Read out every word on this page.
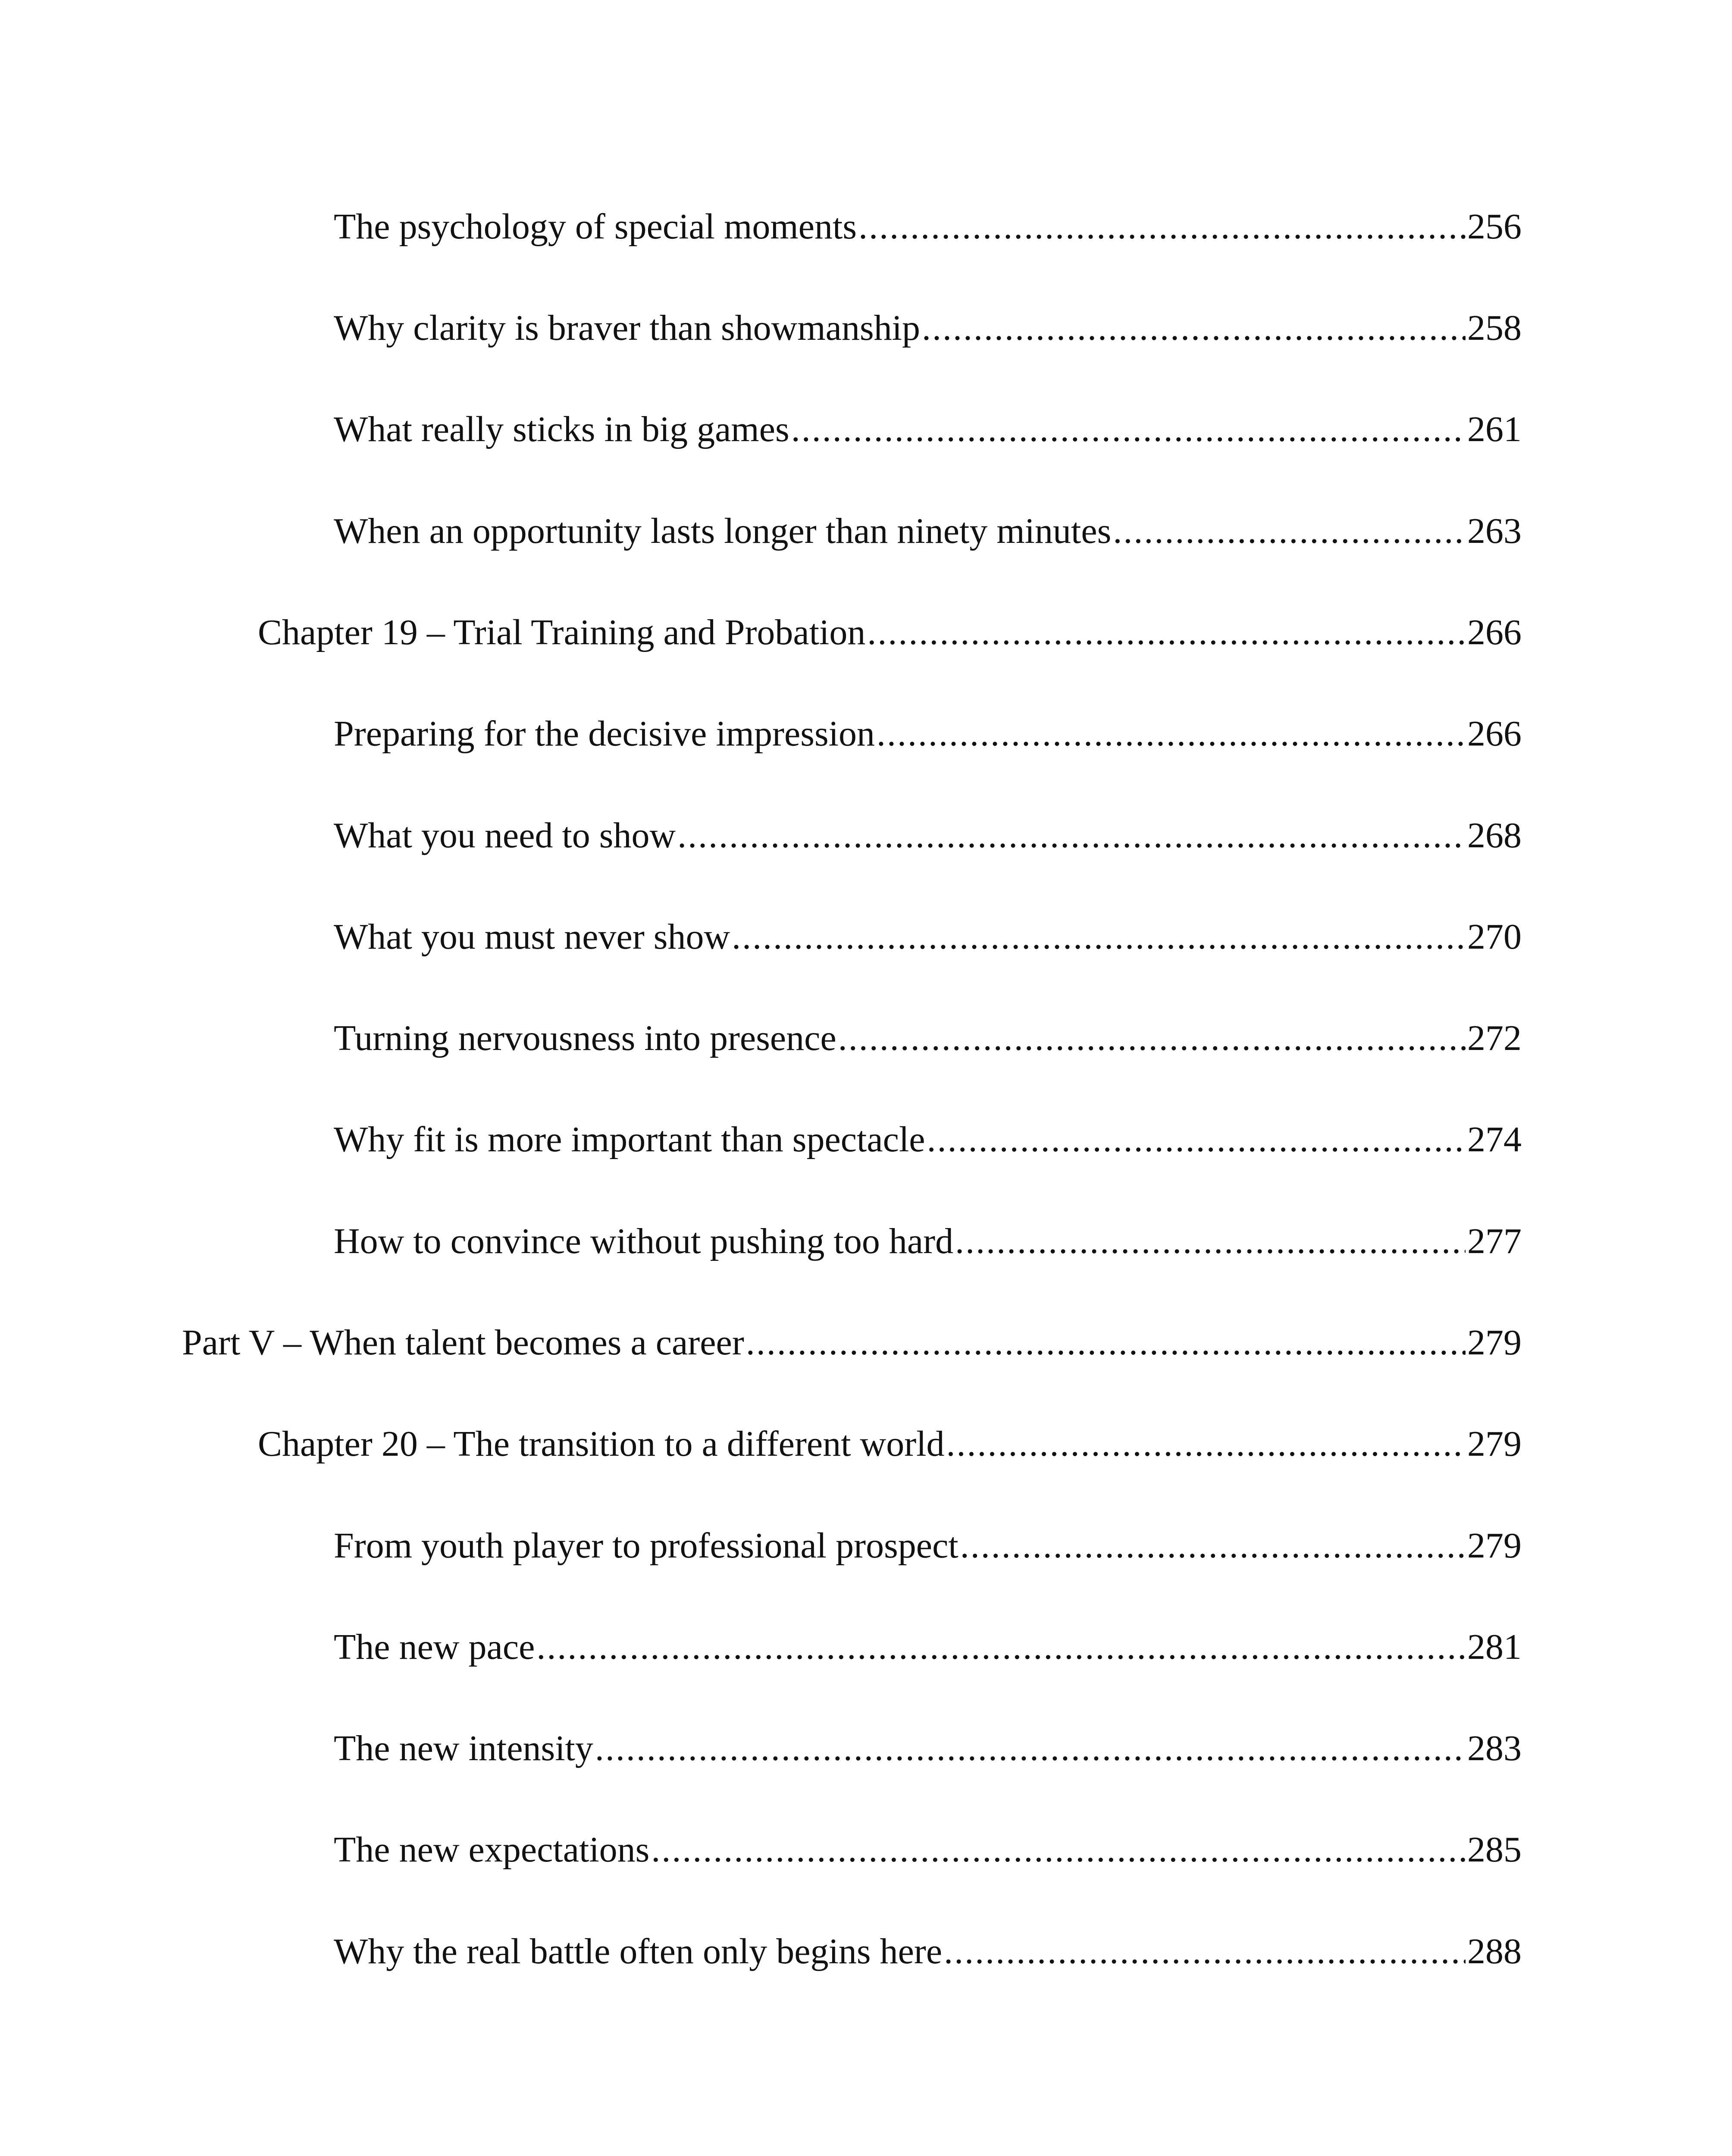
The psychology of special moments .....	256
Why clarity is braver than showmanship .....	258
What really sticks in big games .....	261
When an opportunity lasts longer than ninety minutes .....	263
Chapter 19 – Trial Training and Probation .....	266
Preparing for the decisive impression .....	266
What you need to show .....	268
What you must never show .....	270
Turning nervousness into presence .....	272
Why fit is more important than spectacle .....	274
How to convince without pushing too hard .....	277
Part V – When talent becomes a career .....	279
Chapter 20 – The transition to a different world .....	279
From youth player to professional prospect .....	279
The new pace .....	281
The new intensity .....	283
The new expectations .....	285
Why the real battle often only begins here .....	288
